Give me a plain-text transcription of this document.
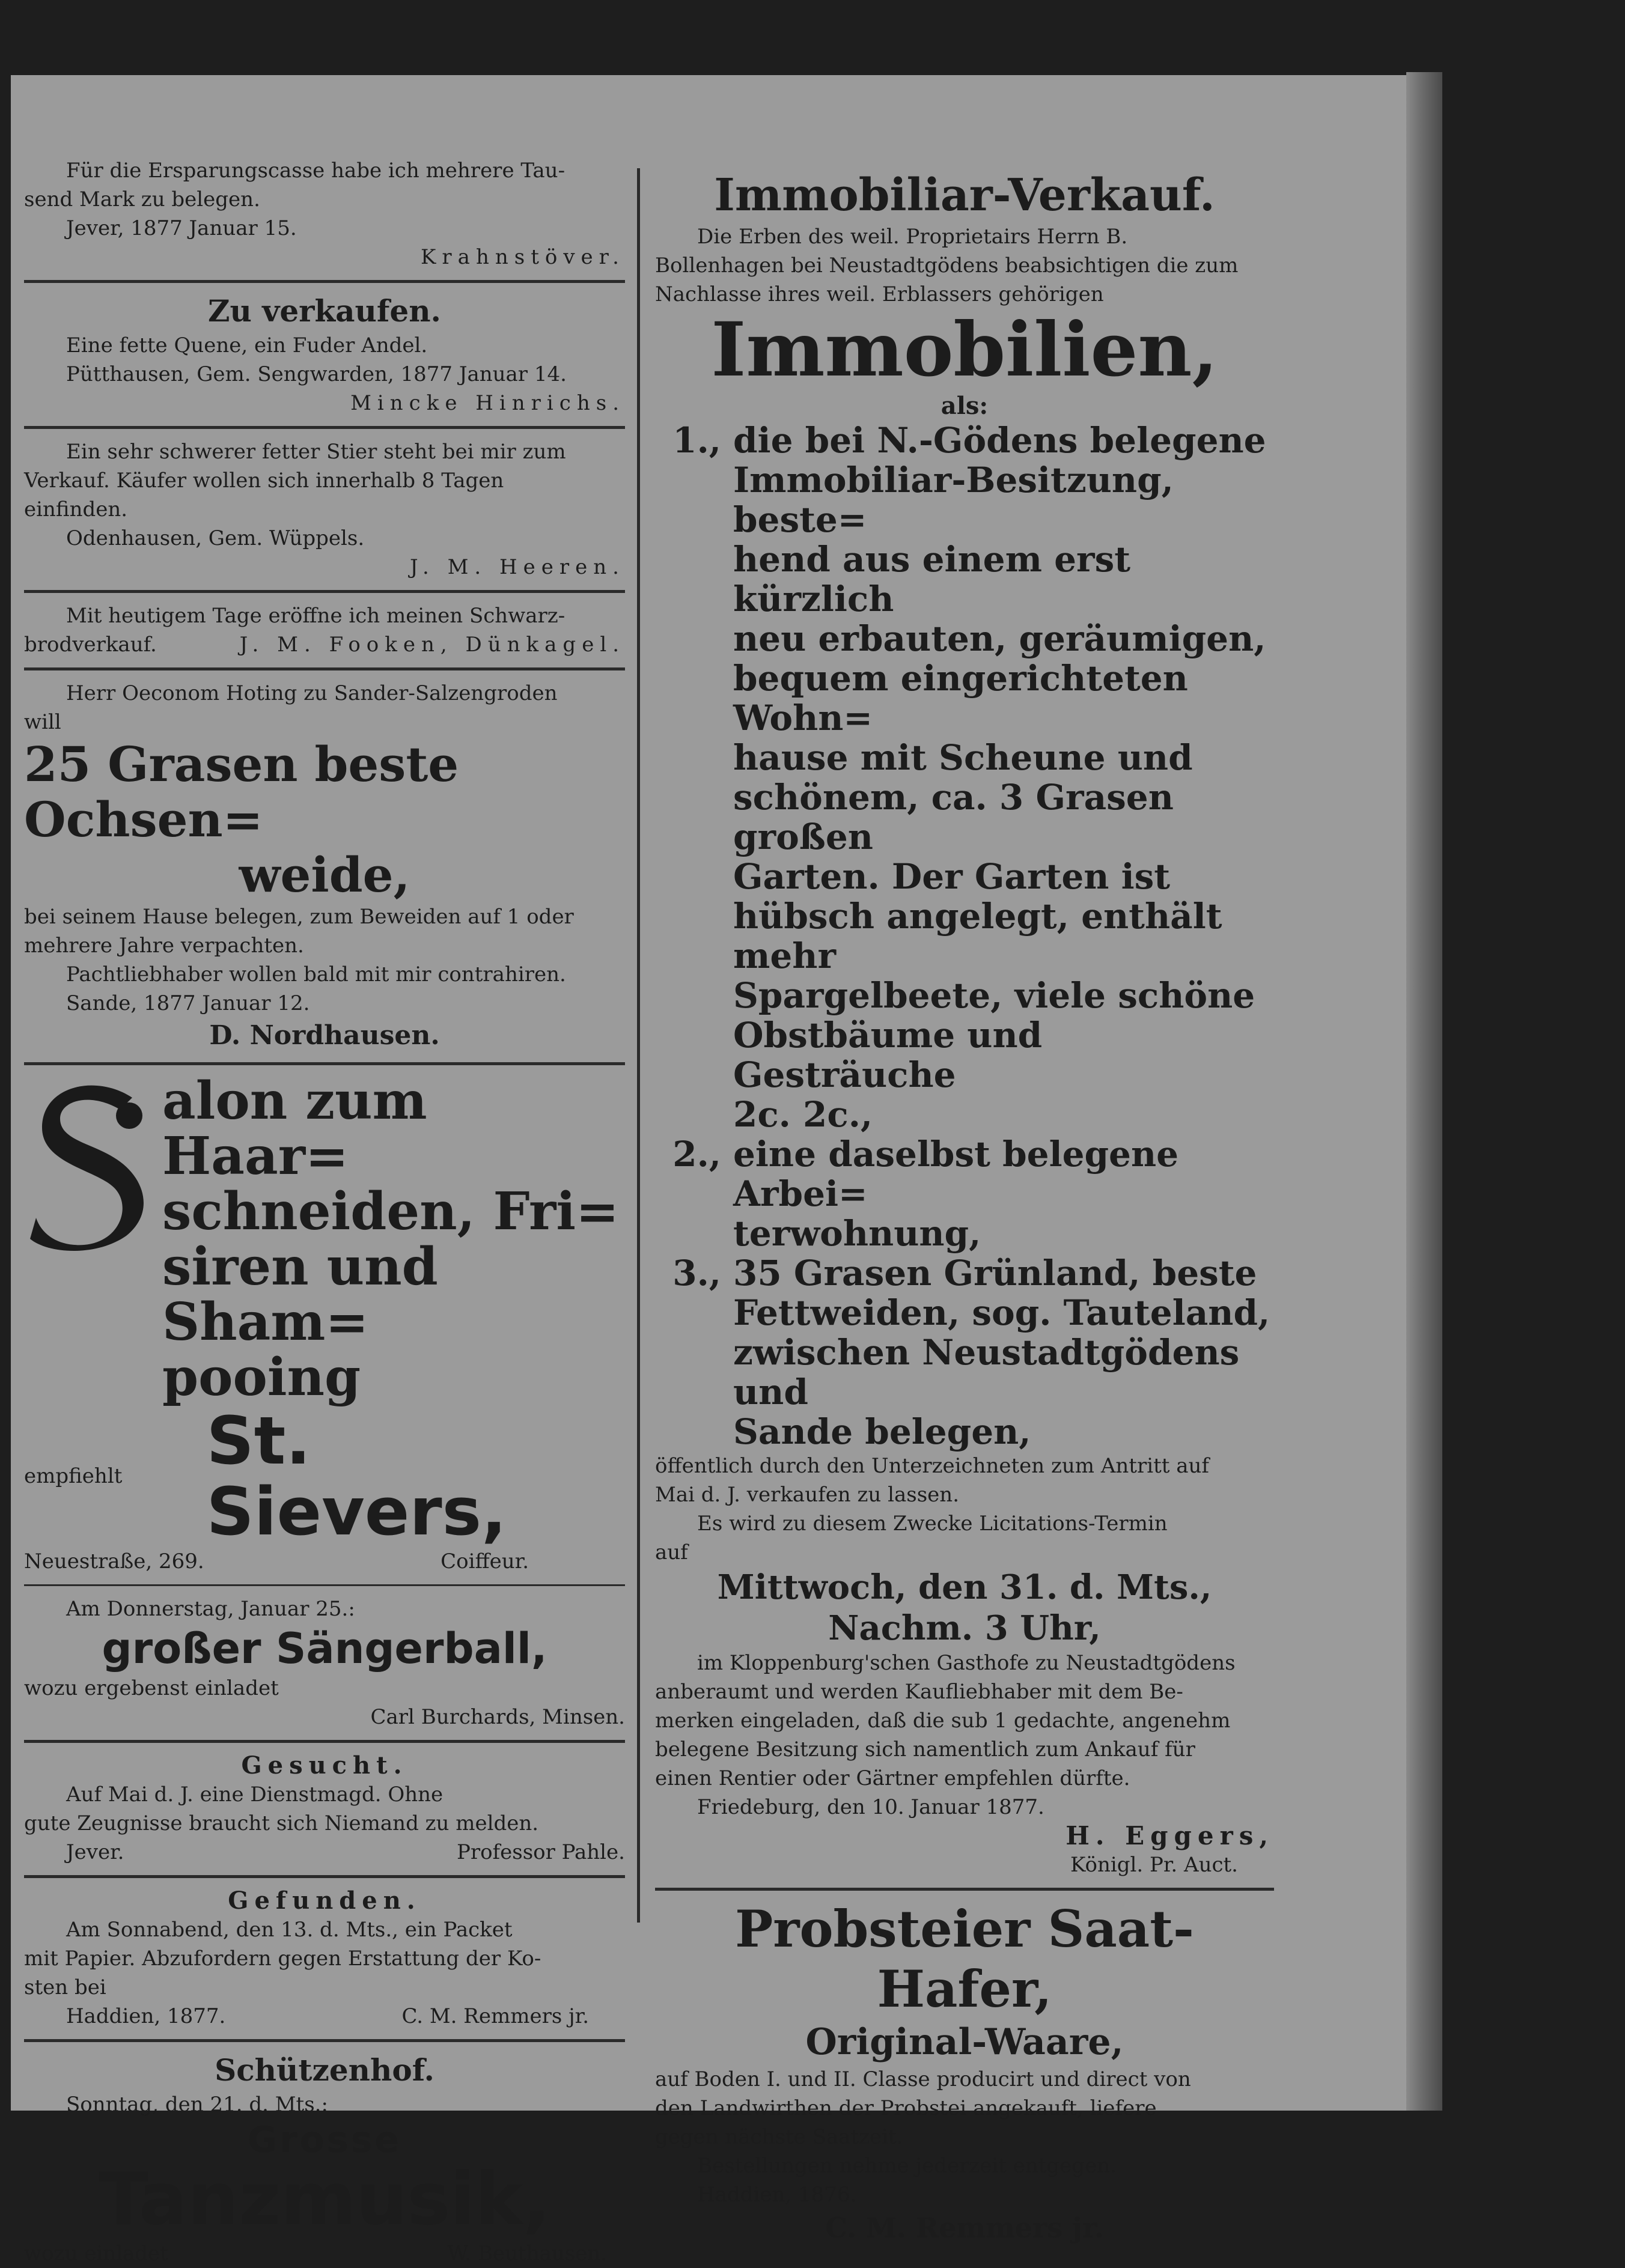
Für die Ersparungscasse habe ich mehrere Tau-

send Mark zu belegen.

Jever, 1877 Januar 15.

Krahnstöver.

Zu verkaufen.

Eine fette Quene, ein Fuder Andel.

Pütthausen, Gem. Sengwarden, 1877 Januar 14.

Mincke Hinrichs.

Ein sehr schwerer fetter Stier steht bei mir zum

Verkauf. Käufer wollen sich innerhalb 8 Tagen

einfinden.

Odenhausen, Gem. Wüppels.

J. M. Heeren.

Mit heutigem Tage eröffne ich meinen Schwarz-

brodverkauf.	J. M. Fooken, Dünkagel.

Herr Oeconom Hoting zu Sander-Salzengroden

will

25 Grasen beste Ochsen=

weide,

bei seinem Hause belegen, zum Beweiden auf 1 oder

mehrere Jahre verpachten.

Pachtliebhaber wollen bald mit mir contrahiren.

Sande, 1877 Januar 12.

D. Nordhausen.

alon zum Haar=

schneiden, Fri=

siren und Sham=

pooing

empfiehlt	St. Sievers,

Neuestraße, 269.	Coiffeur.

Am Donnerstag, Januar 25.:

großer Sängerball,

wozu ergebenst einladet

Carl Burchards, Minsen.

Gesucht.

Auf Mai d. J. eine Dienstmagd. Ohne

gute Zeugnisse braucht sich Niemand zu melden.

Jever.	Professor Pahle.

Gefunden.

Am Sonnabend, den 13. d. Mts., ein Packet

mit Papier. Abzufordern gegen Erstattung der Ko-

sten bei

Haddien, 1877.	C. M. Remmers jr.

Schützenhof.

Sonntag, den 21. d. Mts.:

Grosse

Tanzmusik,

wozu einladet	W. Beuthausen.

Immobiliar-Verkauf.

Die Erben des weil. Proprietairs Herrn B.

Bollenhagen bei Neustadtgödens beabsichtigen die zum

Nachlasse ihres weil. Erblassers gehörigen

Immobilien,

als:

1., die bei N.-Gödens belegene

Immobiliar-Besitzung, beste=

hend aus einem erst kürzlich

neu erbauten, geräumigen,

bequem eingerichteten Wohn=

hause mit Scheune und

schönem, ca. 3 Grasen großen

Garten. Der Garten ist

hübsch angelegt, enthält mehr

Spargelbeete, viele schöne

Obstbäume und Gesträuche

2c. 2c.,

2., eine daselbst belegene Arbei=

terwohnung,

3., 35 Grasen Grünland, beste

Fettweiden, sog. Tauteland,

zwischen Neustadtgödens und

Sande belegen,

öffentlich durch den Unterzeichneten zum Antritt auf

Mai d. J. verkaufen zu lassen.

Es wird zu diesem Zwecke Licitations-Termin

auf

Mittwoch, den 31. d. Mts.,

Nachm. 3 Uhr,

im Kloppenburg'schen Gasthofe zu Neustadtgödens

anberaumt und werden Kaufliebhaber mit dem Be-

merken eingeladen, daß die sub 1 gedachte, angenehm

belegene Besitzung sich namentlich zum Ankauf für

einen Rentier oder Gärtner empfehlen dürfte.

Friedeburg, den 10. Januar 1877.

H. Eggers,

Königl. Pr. Auct.

Probsteier Saat-

Hafer,

Original-Waare,

auf Boden I. und II. Classe producirt und direct von

den Landwirthen der Probstei angekauft, liefere

gegen nächste Saatzeit.

Bestellungen nehme jederzeit entgegen.

Haddien, 1876.

C. M. Remmers jr.
